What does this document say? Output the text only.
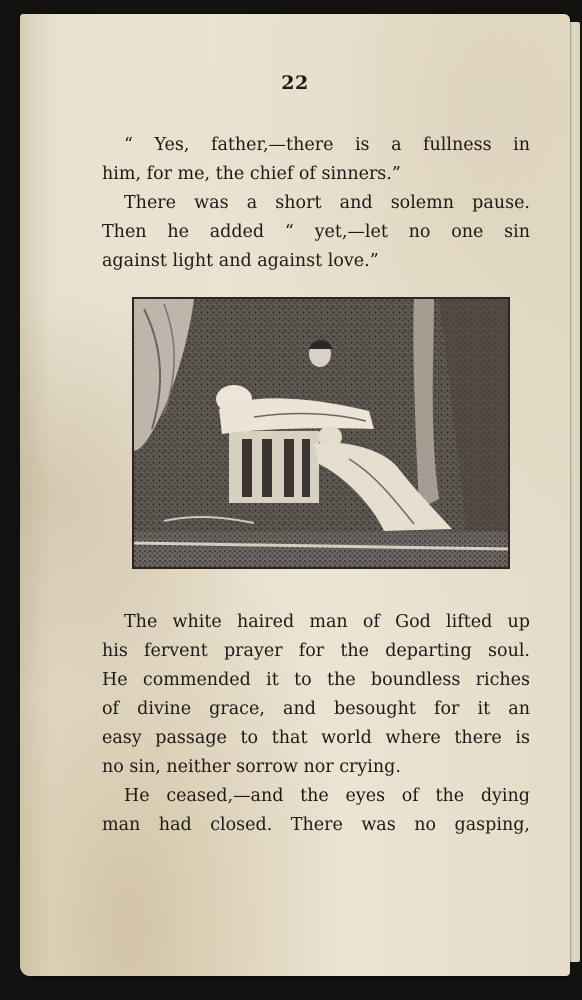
22
“ Yes, father,—there is a fullness in
him, for me, the chief of sinners.”
There was a short and solemn pause.
Then he added “ yet,—let no one sin
against light and against love.”
The white haired man of God lifted up
his fervent prayer for the departing soul.
He commended it to the boundless riches
of divine grace, and besought for it an
easy passage to that world where there is
no sin, neither sorrow nor crying.
He ceased,—and the eyes of the dying
man had closed. There was no gasping,
